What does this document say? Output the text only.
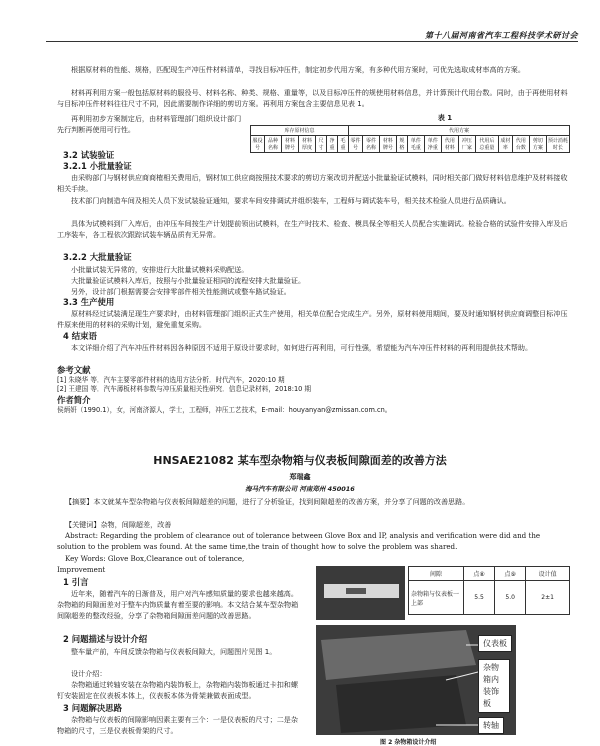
第十八届河南省汽车工程科技学术研讨会
根据原材料的性能、规格，匹配现生产冲压件材料清单，寻找目标冲压件，制定初步代用方案，有多种代用方案时，可优先选取成材率高的方案。
材料再利用方案一般包括原材料的服役号、材料名称、种类、规格、重量等，以及目标冲压件的规使用材料信息，并计算预计代用台数。同时，由于再使用材料与目标冲压件材料往往尺寸不同，因此需要制作详细的剪切方案。再利用方案包含主要信息见表 1。
再利用初步方案制定后，由材料管理部门组织设计部门先行判断再使用可行性。
表 1
库存原材信息							代用方案												
服役号	品种名称	材料牌号	材料厚度	尺寸	净重	毛重	零件号	零件名称	材料牌号	规格	单件毛重	单件净重	代用材料	冲压厂家	代用后总重量	成材率	代用台数	剪切方案	预计消耗时长
3.2 试装验证
3.2.1 小批量验证
由采购部门与钢材供应商商榷相关费用后，钢材加工供应商按照技术要求的剪切方案改切并配送小批量验证试模料，同时相关部门做好材料信息维护及材料接收相关手续。
技术部门向制造车间及相关人员下发试装验证通知，要求车间安排调试并组织装车，工程师与调试装车号，相关技术检验人员进行品质确认。
具体为试模料到厂入库后，由冲压车间按生产计划提前领出试模料，在生产时技术、检查、模具保全等相关人员配合实施调试。检验合格的试验件安排入库及后工序装车，各工程依次跟踪试装车辆品质有无异常。
3.2.2 大批量验证
小批量试装无异常的，安排进行大批量试模料采购配送。
大批量验证试模料入库后，按照与小批量验证相同的流程安排大批量验证。
另外，设计部门根据需要会安排零部件相关性能测试或整车路试验证。
3.3 生产使用
原材料经过试装满足现生产要求时，由材料管理部门组织正式生产使用，相关单位配合完成生产。另外，原材料使用期间，要及时通知钢材供应商调整目标冲压件原来使用的材料的采购计划，避免重复采购。
4 结束语
本文详细介绍了汽车冲压件材料因各种原因不适用于原设计要求时，如何进行再利用，可行性强，希望能为汽车冲压件材料的再利用提供技术帮助。
参考文献
[1] 朱晓华 等．汽车主要零部件材料的选用方法分析．时代汽车，2020:10 期
[2] 王建国 等．汽车薄板材料参数与冲压质量相关性研究．信息记录材料，2018:10 期
作者简介
侯炳妍（1990.1），女，河南济源人，学士，工程师，冲压工艺技术，E-mail：houyanyan@zmissan.com.cn。
HNSAE21082 某车型杂物箱与仪表板间隙面差的改善方法
郑瑞鑫
海马汽车有限公司 河南郑州 450016
【摘要】本文就某车型杂物箱与仪表板间隙超差的问题，进行了分析验证，找到间隙超差的改善方案，并分享了问题的改善思路。
【关键词】杂物，间隙超差，改善
Abstract: Regarding the problem of clearance out of tolerance between Glove Box and IP, analysis and verification were did and the solution to the problem was found. At the same time,the train of thought how to solve the problem was shared.
Key Words: Glove Box,Clearance out of tolerance, Improvement
1 引言
近年来，随着汽车的日渐普及，用户对汽车感知质量的要求也越来越高。杂物箱的间隙面差对于整车内饰质量有着至要的影响。本文结合某车型杂物箱间隙超差的整改经验，分享了杂物箱间隙面差问题的改善思路。
2 问题描述与设计介绍
整车量产前，车间反馈杂物箱与仪表板间隙大，问题图片见图 1。
设计介绍：
杂物箱通过转轴安装在杂物箱内装饰板上，杂物箱内装饰板通过卡扣和螺钉安装固定在仪表板本体上，仪表板本体为骨架兼做表面成型。
3 问题解决思路
杂物箱与仪表板的间隙影响因素主要有三个：一是仪表板的尺寸；二是杂物箱的尺寸，三是仪表板骨架的尺寸。
间隙	点⑧	点⑨	设计值
杂物箱与仪表板一上部	5.5	5.0	2±1
仪表板
杂物箱内装饰板
转轴
图 2 杂物箱设计介绍
